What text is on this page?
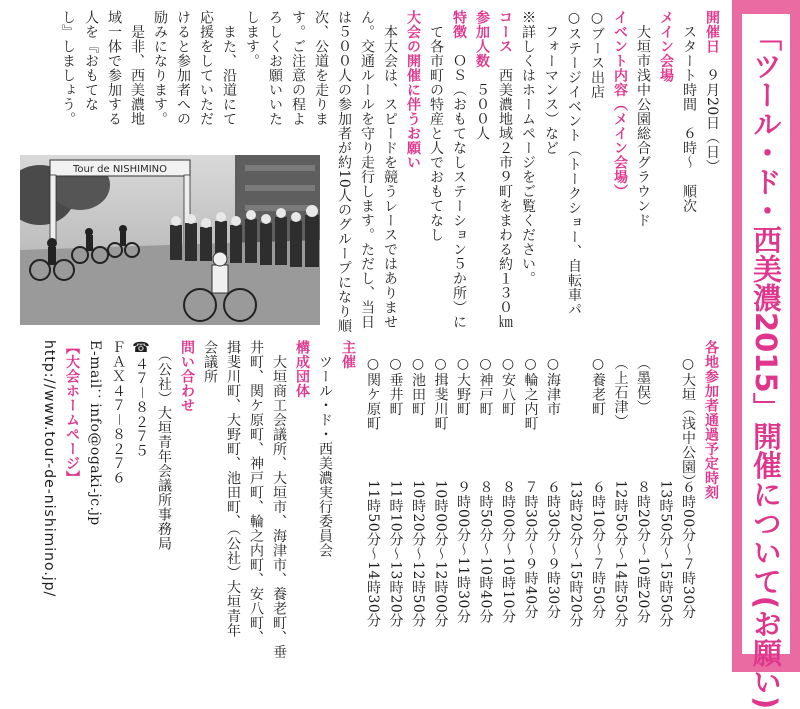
「ツール・ド・西美濃2015」開催について(お願い)
各地参加者通過予定時刻
○大垣（浅中公園）
６時00分～７時30分
13時50分～15時50分
（墨俣）
８時20分～10時20分
（上石津）
12時50分～14時50分
○養老町
６時10分～７時50分
13時20分～15時20分
○海津市
６時30分～９時30分
○輪之内町
７時30分～９時40分
○安八町
８時00分～10時10分
○神戸町
８時50分～10時40分
○大野町
９時00分～11時30分
○揖斐川町
10時00分～12時00分
○池田町
10時20分～12時50分
○垂井町
11時10分～13時20分
○関ケ原町
11時50分～14時30分
主催
　ツール・ド・西美濃実行委員会
構成団体
　大垣商工会議所、大垣市、海津市、養老町、垂
井町、関ケ原町、神戸町、輪之内町、安八町、
揖斐川町、大野町、池田町、（公社）大垣青年
会議所
問い合わせ
　（公社）大垣青年会議所事務局
☎４７－８２７５
ＦＡＸ４７－８２７６
E-mail：info@ogaki-jc.jp
【大会ホームページ】
http://www.tour-de-nishimino.jp/
開催日　９月20日（日）
　スタート時間　６時～　順次
メイン会場
　大垣市浅中公園総合グラウンド
イベント内容（メイン会場）
○ブース出店
○ステージイベント（トークショー、自転車パ
　フォーマンス）など
※詳しくはホームページをご覧ください。
コース　西美濃地域２市９町をまわる約１３０㎞
参加人数　５００人
特徴　ＯＳ（おもてなしステーション５か所）に
　て各市町の特産と人でおもてなし
大会の開催に伴うお願い
　本大会は、スピードを競うレースではありませ
ん。交通ルールを守り走行します。ただし、当日
は５００人の参加者が約10人のグループになり順
次、公道を走りま
す。ご注意の程よ
ろしくお願いいた
します。
　また、沿道にて
応援をしていただ
けると参加者への
励みになります。
　是非、西美濃地
域一体で参加する
人を『おもてな
し』しましょう。
Tour de NISHIMINO
